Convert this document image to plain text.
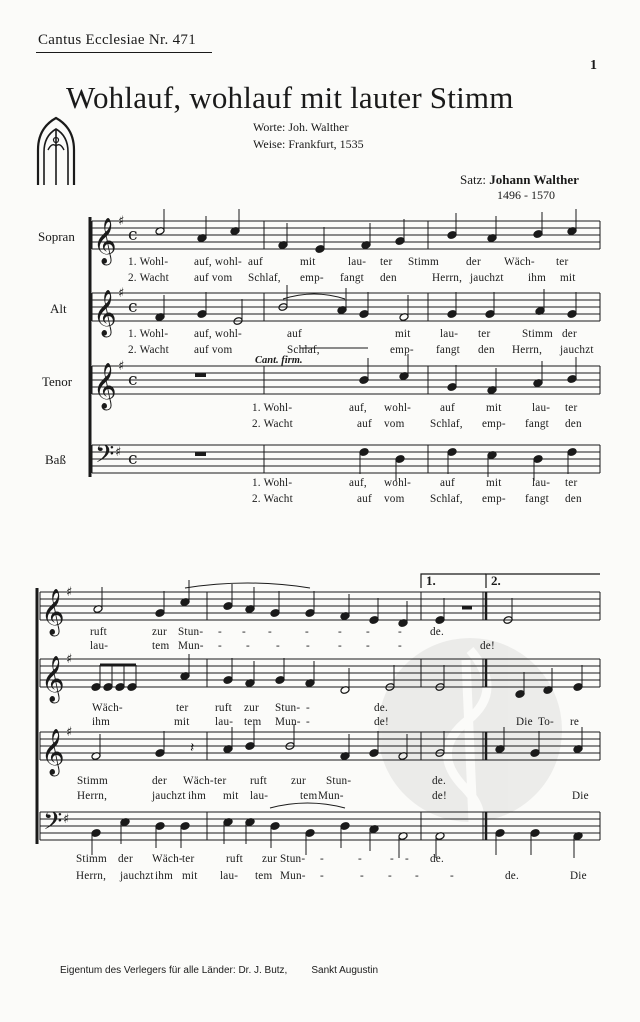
Cantus Ecclesiae Nr. 471
1
Wohlauf, wohlauf mit lauter Stimm
Worte: Joh. Walther
Weise: Frankfurt, 1535
Satz: Johann Walther
1496 - 1570
Sopran
Alt
Tenor
Baß
𝄞 ♯
c
𝄞 ♯
c
𝄞 ♯
c
𝄢 ♯ c
𝄞 ♯
𝄞 ♯
𝄞 ♯
𝄢 ♯
𝄽
1. Wohl- auf, wohl- auf	mit	lau- ter Stimm der Wäch- ter
2. Wacht auf vom Schlaf, emp- fangt den	Herrn, jauchzt ihm mit
1. Wohl- auf, wohl-	auf	mit	lau- ter	Stimm der
2. Wacht auf vom	Schlaf,	emp- fangt den Herrn, jauchzt
1. Wohl-	auf, wohl-	auf	mit	lau- ter
2. Wacht	auf vom Schlaf, emp- fangt den
1. Wohl-	auf, wohl-	auf	mit	lau- ter
2. Wacht	auf vom Schlaf, emp- fangt den
ruft	zur Stun- - - -	-	- -	-	de.
lau-	tem Mun- - - - -	- -	-	de!
Wäch-	ter ruft zur Stun- -	de.
ihm	mit lau- tem Mun- -	de!	Die To- re
Stimm	der Wäch- ter ruft zur Stun-	de.
Herrn,	jauchzt ihm mit lau-	tem Mun-	de!	Die
Stimm der Wäch- ter	ruft zur Stun- -	-	- - de.
Herrn, jauchzt ihm mit lau- tem Mun- -	- - -	-	de.	Die
Cant. firm.
1.	2.
Eigentum des Verlegers für alle Länder: Dr. J. Butz, Sankt Augustin
